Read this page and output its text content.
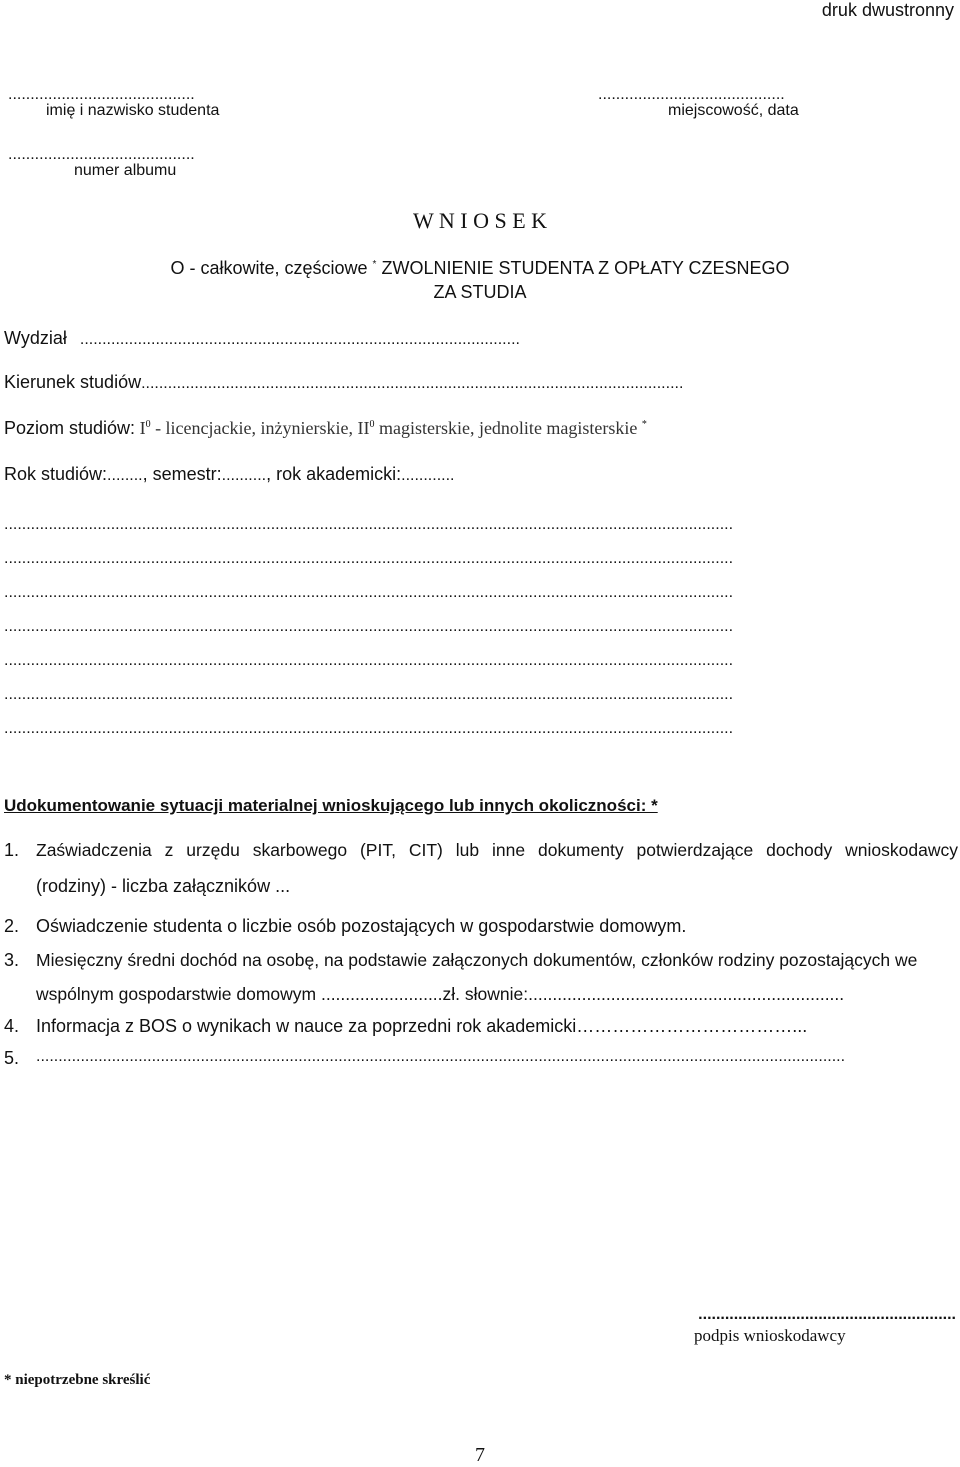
druk dwustronny
..........................................
imię i nazwisko studenta
..........................................
miejscowość, data
..........................................
numer albumu
W N I O S E K
O - całkowite, częściowe * ZWOLNIENIE STUDENTA Z OPŁATY CZESNEGO
ZA STUDIA
Wydział ...................................................................................................
Kierunek studiów..........................................................................................................................
Poziom studiów: $I^0$ - licencjackie, inżynierskie, $II^0$ magisterskie, jednolite magisterskie *
Rok studiów:........, semestr:.........., rok akademicki:............
....................................................................................................................................................................
....................................................................................................................................................................
....................................................................................................................................................................
....................................................................................................................................................................
....................................................................................................................................................................
....................................................................................................................................................................
....................................................................................................................................................................
Udokumentowanie sytuacji materialnej wnioskującego lub innych okoliczności: *
1. Zaświadczenia z urzędu skarbowego (PIT, CIT) lub inne dokumenty potwierdzające dochody wnioskodawcy
(rodziny) - liczba załączników ...
2. Oświadczenie studenta o liczbie osób pozostających w gospodarstwie domowym.
3. Miesięczny średni dochód na osobę, na podstawie załączonych dokumentów, członków rodziny pozostających we
wspólnym gospodarstwie domowym .........................zł. słownie:.................................................................
4. Informacja z BOS o wynikach w nauce za poprzedni rok akademicki………………………………...
5. ......................................................................................................................................................................................
..........................................................
podpis wnioskodawcy
* niepotrzebne skreślić
7
